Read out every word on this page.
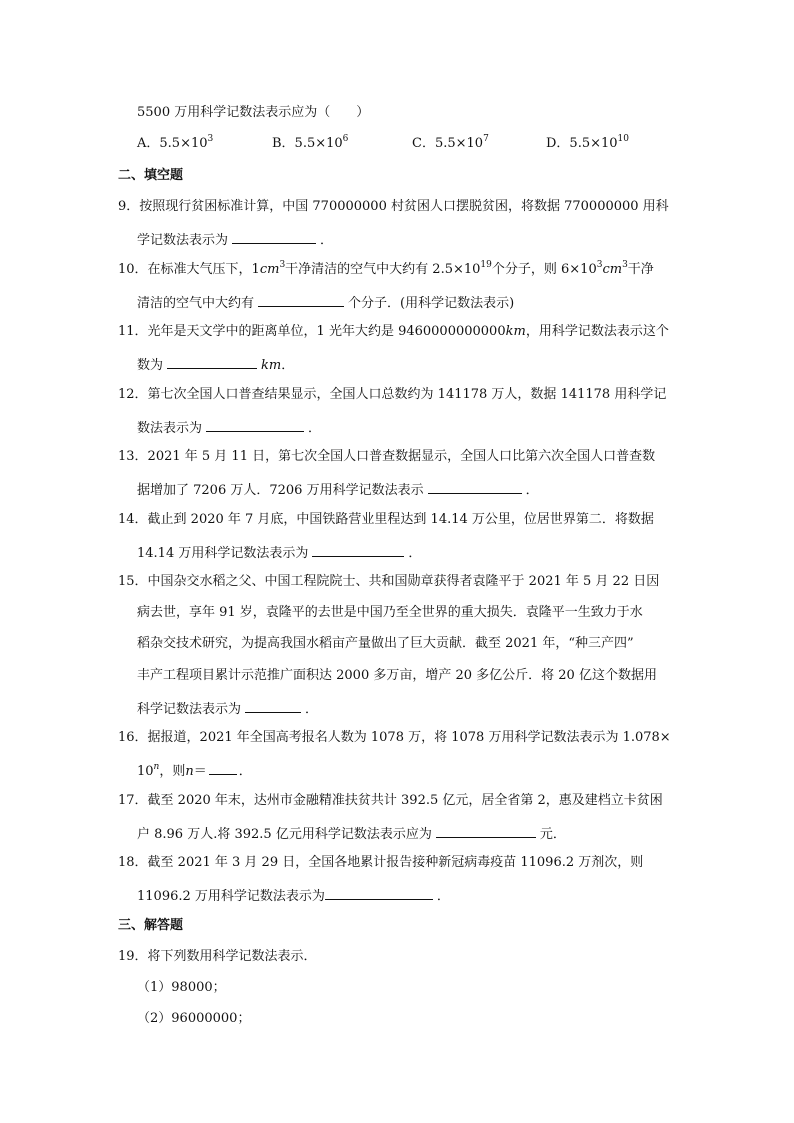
5500 万用科学记数法表示应为（　　）
A．$5.5\times 10^3$	B．$5.5\times 10^6$	C．$5.5\times 10^7$	D．$5.5\times 10^{10}$
二、填空题
9．按照现行贫困标准计算，中国 770000000 村贫困人口摆脱贫困，将数据 770000000 用科
学记数法表示为	．
10．在标准大气压下，$1cm^3$干净清洁的空气中大约有 $2.5\times 10^{19}$个分子，则 $6\times 10^3cm^3$干净
清洁的空气中大约有	个分子．(用科学记数法表示)
11．光年是天文学中的距离单位，1 光年大约是 9460000000000km，用科学记数法表示这个
数为	km．
12．第七次全国人口普查结果显示，全国人口总数约为 141178 万人，数据 141178 用科学记
数法表示为	．
13．2021 年 5 月 11 日，第七次全国人口普查数据显示，全国人口比第六次全国人口普查数
据增加了 7206 万人．7206 万用科学记数法表示	．
14．截止到 2020 年 7 月底，中国铁路营业里程达到 14.14 万公里，位居世界第二．将数据
14.14 万用科学记数法表示为	．
15．中国杂交水稻之父、中国工程院院士、共和国勋章获得者袁隆平于 2021 年 5 月 22 日因
病去世，享年 91 岁，袁隆平的去世是中国乃至全世界的重大损失．袁隆平一生致力于水
稻杂交技术研究，为提高我国水稻亩产量做出了巨大贡献．截至 2021 年，“种三产四”
丰产工程项目累计示范推广面积达 2000 多万亩，增产 20 多亿公斤．将 20 亿这个数据用
科学记数法表示为	．
16．据报道，2021 年全国高考报名人数为 1078 万，将 1078 万用科学记数法表示为 1.078×
$10^n$，则n＝ ．
17．截至 2020 年末，达州市金融精准扶贫共计 392.5 亿元，居全省第 2，惠及建档立卡贫困
户 8.96 万人.将 392.5 亿元用科学记数法表示应为	元．
18．截至 2021 年 3 月 29 日，全国各地累计报告接种新冠病毒疫苗 11096.2 万剂次，则
11096.2 万用科学记数法表示为	．
三、解答题
19．将下列数用科学记数法表示．
（1）98000；
（2）96000000；
